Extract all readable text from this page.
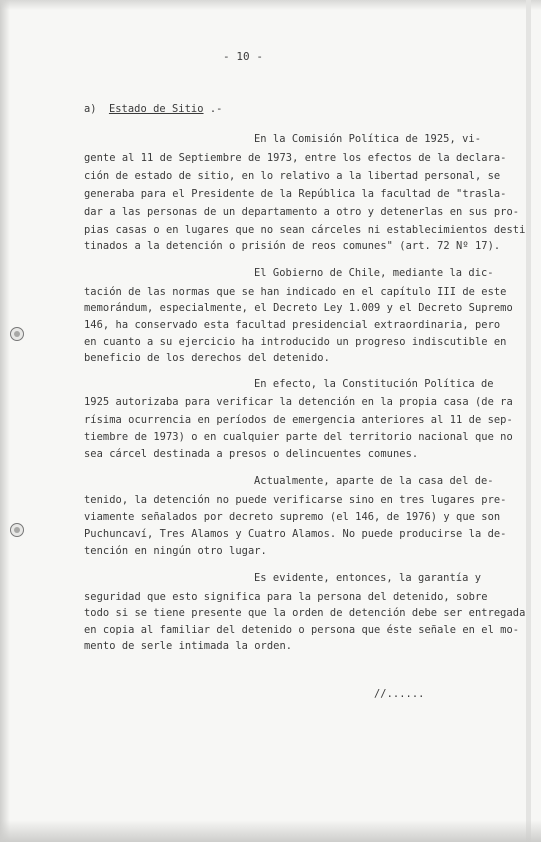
- 10 -
a) Estado de Sitio .-
En la Comisión Política de 1925, vi-
gente al 11 de Septiembre de 1973, entre los efectos de la declara-
ción de estado de sitio, en lo relativo a la libertad personal, se
generaba para el Presidente de la República la facultad de "trasla-
dar a las personas de un departamento a otro y detenerlas en sus pro-
pias casas o en lugares que no sean cárceles ni establecimientos desti
tinados a la detención o prisión de reos comunes" (art. 72 Nº 17).
El Gobierno de Chile, mediante la dic-
tación de las normas que se han indicado en el capítulo III de este
memorándum, especialmente, el Decreto Ley 1.009 y el Decreto Supremo
146, ha conservado esta facultad presidencial extraordinaria, pero
en cuanto a su ejercicio ha introducido un progreso indiscutible en
beneficio de los derechos del detenido.
En efecto, la Constitución Política de
1925 autorizaba para verificar la detención en la propia casa (de ra
rísima ocurrencia en períodos de emergencia anteriores al 11 de sep-
tiembre de 1973) o en cualquier parte del territorio nacional que no
sea cárcel destinada a presos o delincuentes comunes.
Actualmente, aparte de la casa del de-
tenido, la detención no puede verificarse sino en tres lugares pre-
viamente señalados por decreto supremo (el 146, de 1976) y que son
Puchuncaví, Tres Alamos y Cuatro Alamos. No puede producirse la de-
tención en ningún otro lugar.
Es evidente, entonces, la garantía y
seguridad que esto significa para la persona del detenido, sobre
todo si se tiene presente que la orden de detención debe ser entregada
en copia al familiar del detenido o persona que éste señale en el mo-
mento de serle intimada la orden.
//......
